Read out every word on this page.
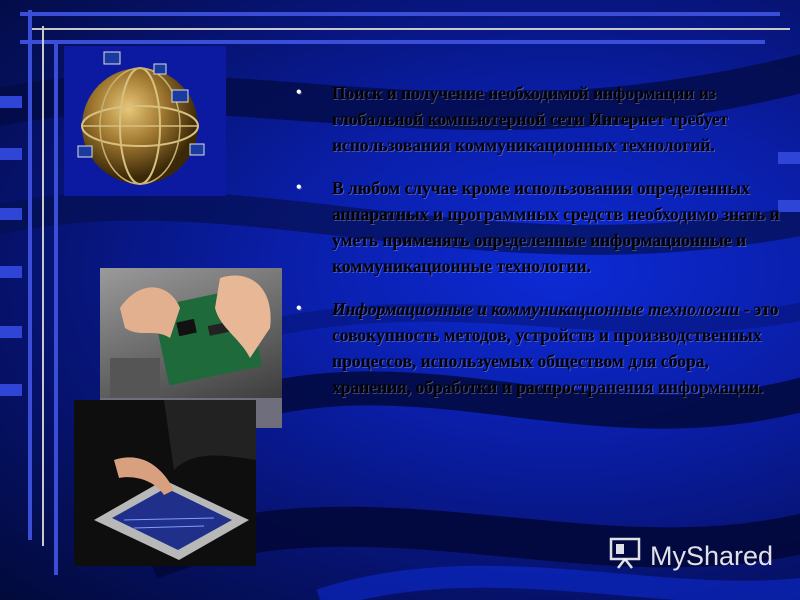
• Поиск и получение необходимой информации из глобальной компьютерной сети Интернет требует использования коммуникационных технологий.
• В любом случае кроме использования определенных аппаратных и программных средств необходимо знать и уметь применять определенные информационные и коммуникационные технологии.
• Информационные и коммуникационные технологии - это совокупность методов, устройств и производственных процессов, используемых обществом для сбора, хранения, обработки и распространения информации.
MyShared
